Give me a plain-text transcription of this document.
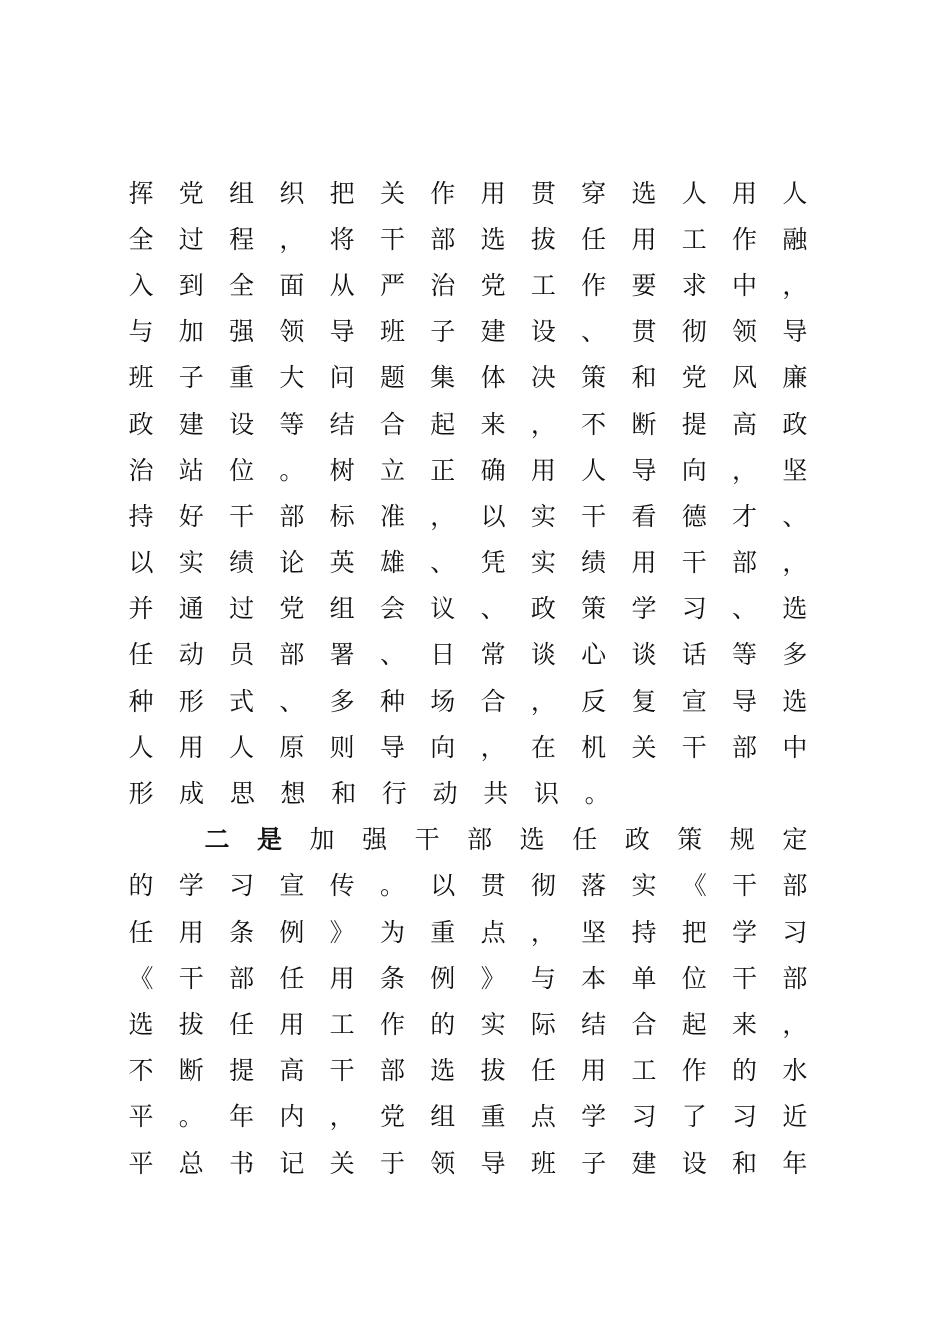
挥 党 组 织 把 关 作 用 贯 穿 选 人 用 人
全 过 程 ， 将 干 部 选 拔 任 用 工 作 融
入 到 全 面 从 严 治 党 工 作 要 求 中 ，
与 加 强 领 导 班 子 建 设 、 贯 彻 领 导
班 子 重 大 问 题 集 体 决 策 和 党 风 廉
政 建 设 等 结 合 起 来 ， 不 断 提 高 政
治 站 位 。 树 立 正 确 用 人 导 向 ， 坚
持 好 干 部 标 准 ， 以 实 干 看 德 才 、
以 实 绩 论 英 雄 、 凭 实 绩 用 干 部 ，
并 通 过 党 组 会 议 、 政 策 学 习 、 选
任 动 员 部 署 、 日 常 谈 心 谈 话 等 多
种 形 式 、 多 种 场 合 ， 反 复 宣 导 选
人 用 人 原 则 导 向 ， 在 机 关 干 部 中
形 成 思 想 和 行 动 共 识 。
二 是 加 强 干 部 选 任 政 策 规 定
的 学 习 宣 传 。 以 贯 彻 落 实 《 干 部
任 用 条 例 》 为 重 点 ， 坚 持 把 学 习
《 干 部 任 用 条 例 》 与 本 单 位 干 部
选 拔 任 用 工 作 的 实 际 结 合 起 来 ，
不 断 提 高 干 部 选 拔 任 用 工 作 的 水
平 。 年 内 ， 党 组 重 点 学 习 了 习 近
平 总 书 记 关 于 领 导 班 子 建 设 和 年
